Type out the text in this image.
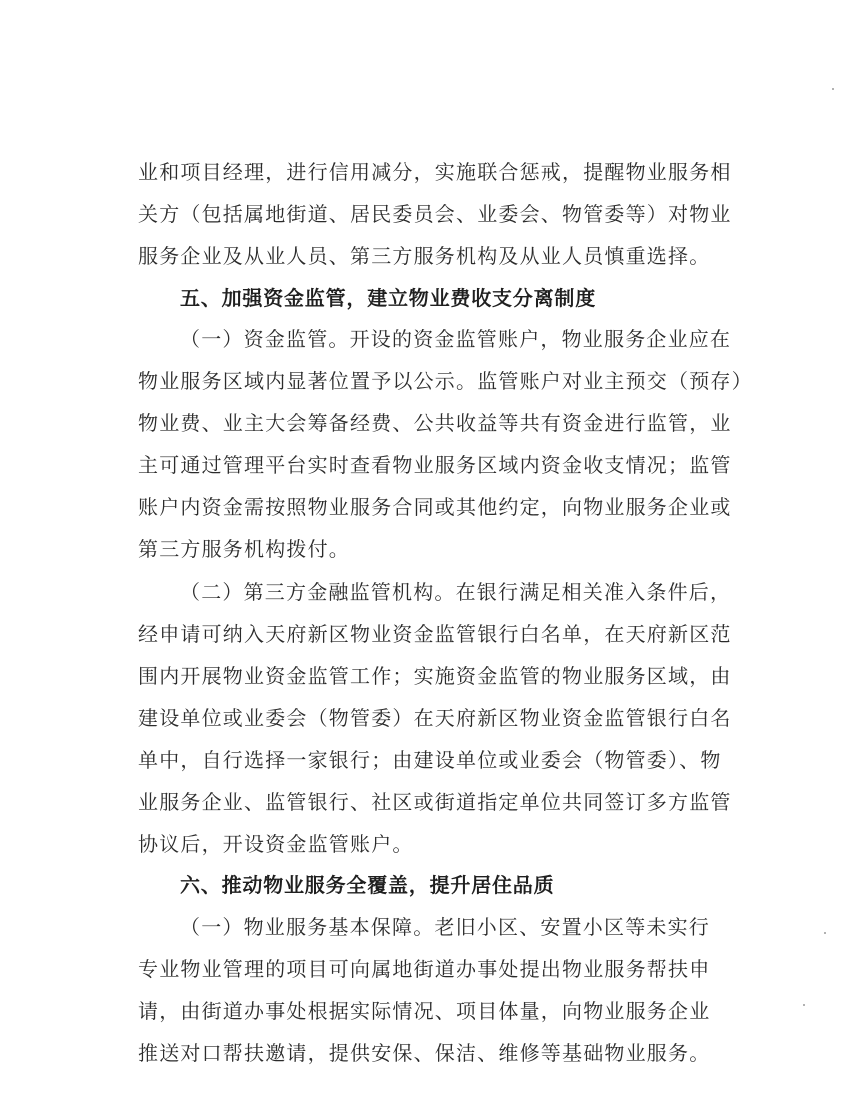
业和项目经理，进行信用减分，实施联合惩戒，提醒物业服务相
关方（包括属地街道、居民委员会、业委会、物管委等）对物业
服务企业及从业人员、第三方服务机构及从业人员慎重选择。
五、加强资金监管，建立物业费收支分离制度
（一）资金监管。开设的资金监管账户，物业服务企业应在
物业服务区域内显著位置予以公示。监管账户对业主预交（预存）
物业费、业主大会筹备经费、公共收益等共有资金进行监管，业
主可通过管理平台实时查看物业服务区域内资金收支情况；监管
账户内资金需按照物业服务合同或其他约定，向物业服务企业或
第三方服务机构拨付。
（二）第三方金融监管机构。在银行满足相关准入条件后，
经申请可纳入天府新区物业资金监管银行白名单，在天府新区范
围内开展物业资金监管工作；实施资金监管的物业服务区域，由
建设单位或业委会（物管委）在天府新区物业资金监管银行白名
单中，自行选择一家银行；由建设单位或业委会（物管委）、物
业服务企业、监管银行、社区或街道指定单位共同签订多方监管
协议后，开设资金监管账户。
六、推动物业服务全覆盖，提升居住品质
（一）物业服务基本保障。老旧小区、安置小区等未实行
专业物业管理的项目可向属地街道办事处提出物业服务帮扶申
请，由街道办事处根据实际情况、项目体量，向物业服务企业
推送对口帮扶邀请，提供安保、保洁、维修等基础物业服务。
